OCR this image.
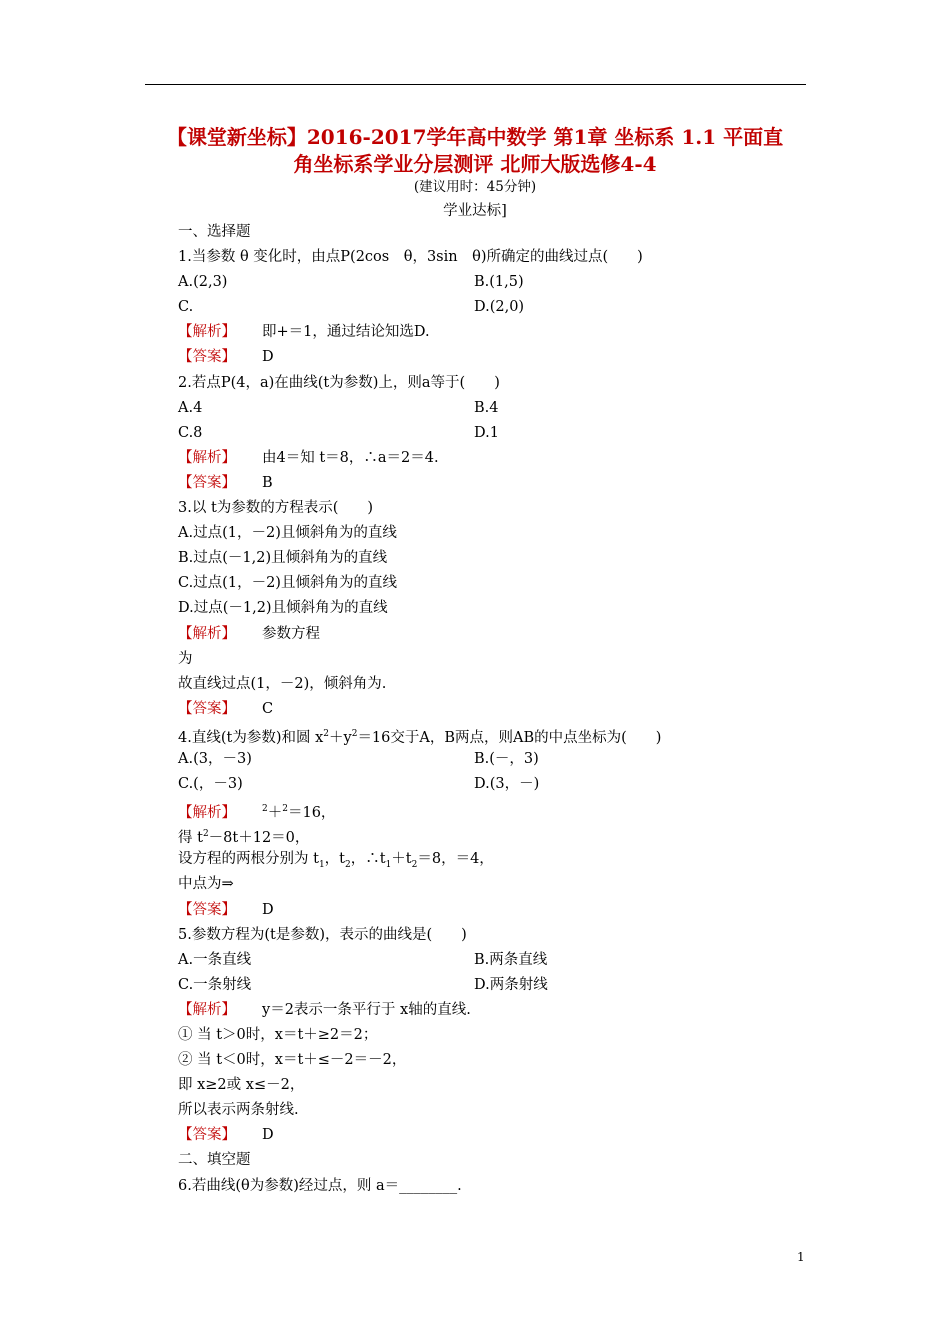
【课堂新坐标】2016-2017学年高中数学 第1章 坐标系 1.1 平面直
角坐标系学业分层测评 北师大版选修4-4
(建议用时：45分钟)
学业达标]
一、选择题
1.当参数 θ 变化时，由点P(2cos　θ，3sin　θ)所确定的曲线过点(　　)
A.(2,3)	B.(1,5)
C.	D.(2,0)
【解析】 即+＝1，通过结论知选D.
【答案】 D
2.若点P(4，a)在曲线(t为参数)上，则a等于(　　)
A.4	B.4
C.8	D.1
【解析】 由4＝知 t＝8，∴a＝2＝4.
【答案】 B
3.以 t为参数的方程表示(　　)
A.过点(1，－2)且倾斜角为的直线
B.过点(－1,2)且倾斜角为的直线
C.过点(1，－2)且倾斜角为的直线
D.过点(－1,2)且倾斜角为的直线
【解析】 参数方程
为
故直线过点(1，－2)，倾斜角为.
【答案】 C
4.直线(t为参数)和圆 $x^2+y^2=16$交于A，B两点，则AB的中点坐标为(　　)
A.(3，－3)	B.(－，3)
C.(，－3)	D.(3，－)
【解析】	$^2$＋$^2$＝16，
得 $t^2-8t+12=0$，
设方程的两根分别为 $t_1$，$t_2$，$\therefore t_1+t_2=8$，＝4，
中点为⇒
【答案】 D
5.参数方程为(t是参数)，表示的曲线是(　　)
A.一条直线	B.两条直线
C.一条射线	D.两条射线
【解析】 y＝2表示一条平行于 x轴的直线.
① 当 t＞0时，x＝t＋≥2＝2；
② 当 t＜0时，x＝t＋≤－2＝－2，
即 x≥2或 x≤－2，
所以表示两条射线.
【答案】 D
二、填空题
6.若曲线(θ为参数)经过点，则 a＝________.
1
